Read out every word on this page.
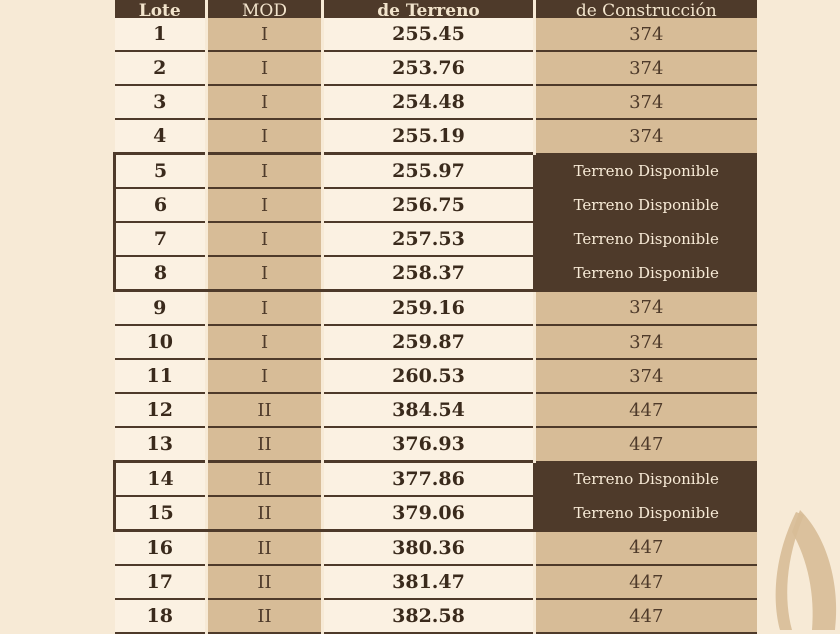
Lote	MOD	de Terreno	de Construcción
1	I	255.45	374
2	I	253.76	374
3	I	254.48	374
4	I	255.19	374
5	I	255.97	Terreno Disponible
6	I	256.75	Terreno Disponible
7	I	257.53	Terreno Disponible
8	I	258.37	Terreno Disponible
9	I	259.16	374
10	I	259.87	374
11	I	260.53	374
12	II	384.54	447
13	II	376.93	447
14	II	377.86	Terreno Disponible
15	II	379.06	Terreno Disponible
16	II	380.36	447
17	II	381.47	447
18	II	382.58	447
